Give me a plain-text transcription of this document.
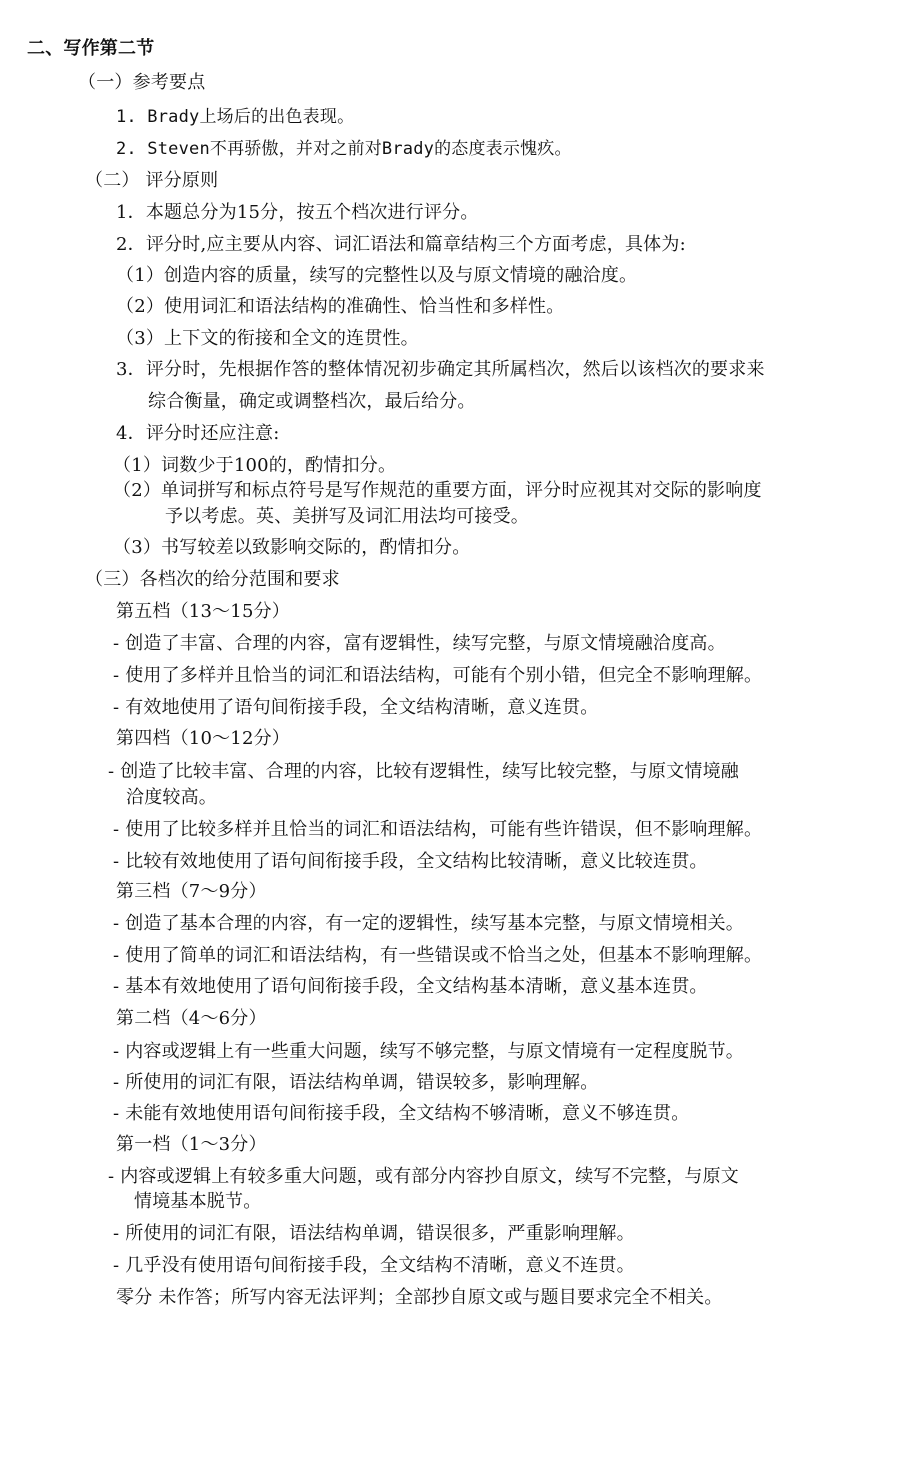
二、写作第二节
（一）参考要点
1. Brady上场后的出色表现。
2. Steven不再骄傲，并对之前对Brady的态度表示愧疚。
（二） 评分原则
1．本题总分为15分，按五个档次进行评分。
2．评分时,应主要从内容、词汇语法和篇章结构三个方面考虑，具体为:
（1）创造内容的质量，续写的完整性以及与原文情境的融洽度。
（2）使用词汇和语法结构的准确性、恰当性和多样性。
（3）上下文的衔接和全文的连贯性。
3．评分时，先根据作答的整体情况初步确定其所属档次，然后以该档次的要求来
综合衡量，确定或调整档次，最后给分。
4．评分时还应注意:
（1）词数少于100的，酌情扣分。
（2）单词拼写和标点符号是写作规范的重要方面，评分时应视其对交际的影响度
予以考虑。英、美拼写及词汇用法均可接受。
（3）书写较差以致影响交际的，酌情扣分。
（三）各档次的给分范围和要求
第五档（13～15分）
- 创造了丰富、合理的内容，富有逻辑性，续写完整，与原文情境融洽度高。
- 使用了多样并且恰当的词汇和语法结构，可能有个别小错，但完全不影响理解。
- 有效地使用了语句间衔接手段，全文结构清晰，意义连贯。
第四档（10～12分）
- 创造了比较丰富、合理的内容，比较有逻辑性，续写比较完整，与原文情境融
洽度较高。
- 使用了比较多样并且恰当的词汇和语法结构，可能有些许错误，但不影响理解。
- 比较有效地使用了语句间衔接手段，全文结构比较清晰，意义比较连贯。
第三档（7～9分）
- 创造了基本合理的内容，有一定的逻辑性，续写基本完整，与原文情境相关。
- 使用了简单的词汇和语法结构，有一些错误或不恰当之处，但基本不影响理解。
- 基本有效地使用了语句间衔接手段，全文结构基本清晰，意义基本连贯。
第二档（4～6分）
- 内容或逻辑上有一些重大问题，续写不够完整，与原文情境有一定程度脱节。
- 所使用的词汇有限，语法结构单调，错误较多，影响理解。
- 未能有效地使用语句间衔接手段，全文结构不够清晰，意义不够连贯。
第一档（1～3分）
- 内容或逻辑上有较多重大问题，或有部分内容抄自原文，续写不完整，与原文
情境基本脱节。
- 所使用的词汇有限，语法结构单调，错误很多，严重影响理解。
- 几乎没有使用语句间衔接手段，全文结构不清晰，意义不连贯。
零分 未作答；所写内容无法评判；全部抄自原文或与题目要求完全不相关。
